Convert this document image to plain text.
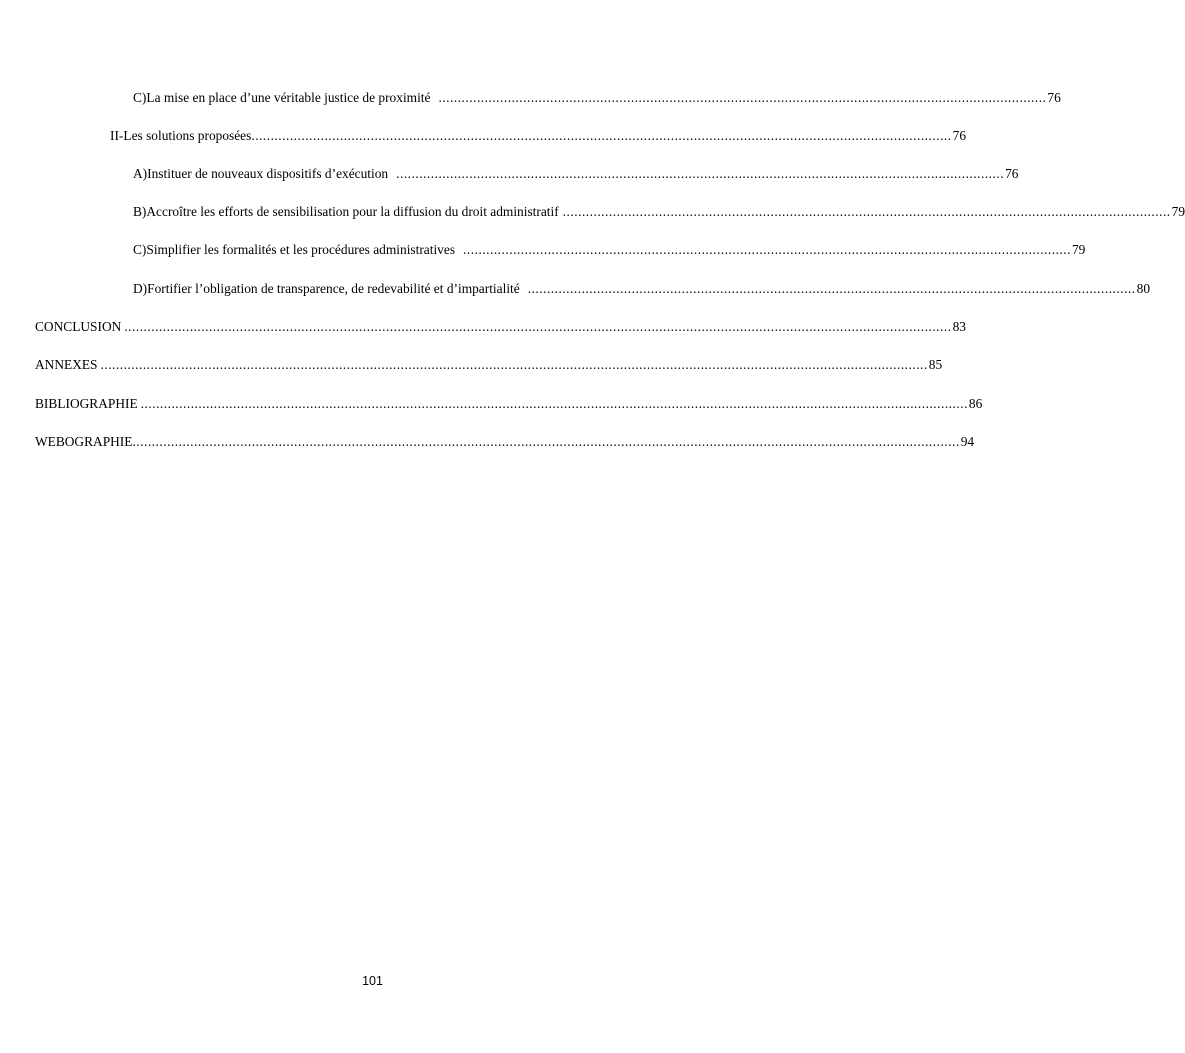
C) La mise en place d’une véritable justice de proximité .............................................................................................................................................................. 76
II- Les solutions proposées ...................................................................................................................................................................................... 76
A) Instituer de nouveaux dispositifs d’exécution .............................................................................................................................................................. 76
B) Accroître les efforts de sensibilisation pour la diffusion du droit administratif .............................................................................................................................................................. 79
C) Simplifier les formalités et les procédures administratives .............................................................................................................................................................. 79
D) Fortifier l’obligation de transparence, de redevabilité et d’impartialité .............................................................................................................................................................. 80
CONCLUSION ....................................................................................................................................................................................................................... 83
ANNEXES ....................................................................................................................................................................................................................... 85
BIBLIOGRAPHIE ....................................................................................................................................................................................................................... 86
WEBOGRAPHIE ....................................................................................................................................................................................................................... 94
101
